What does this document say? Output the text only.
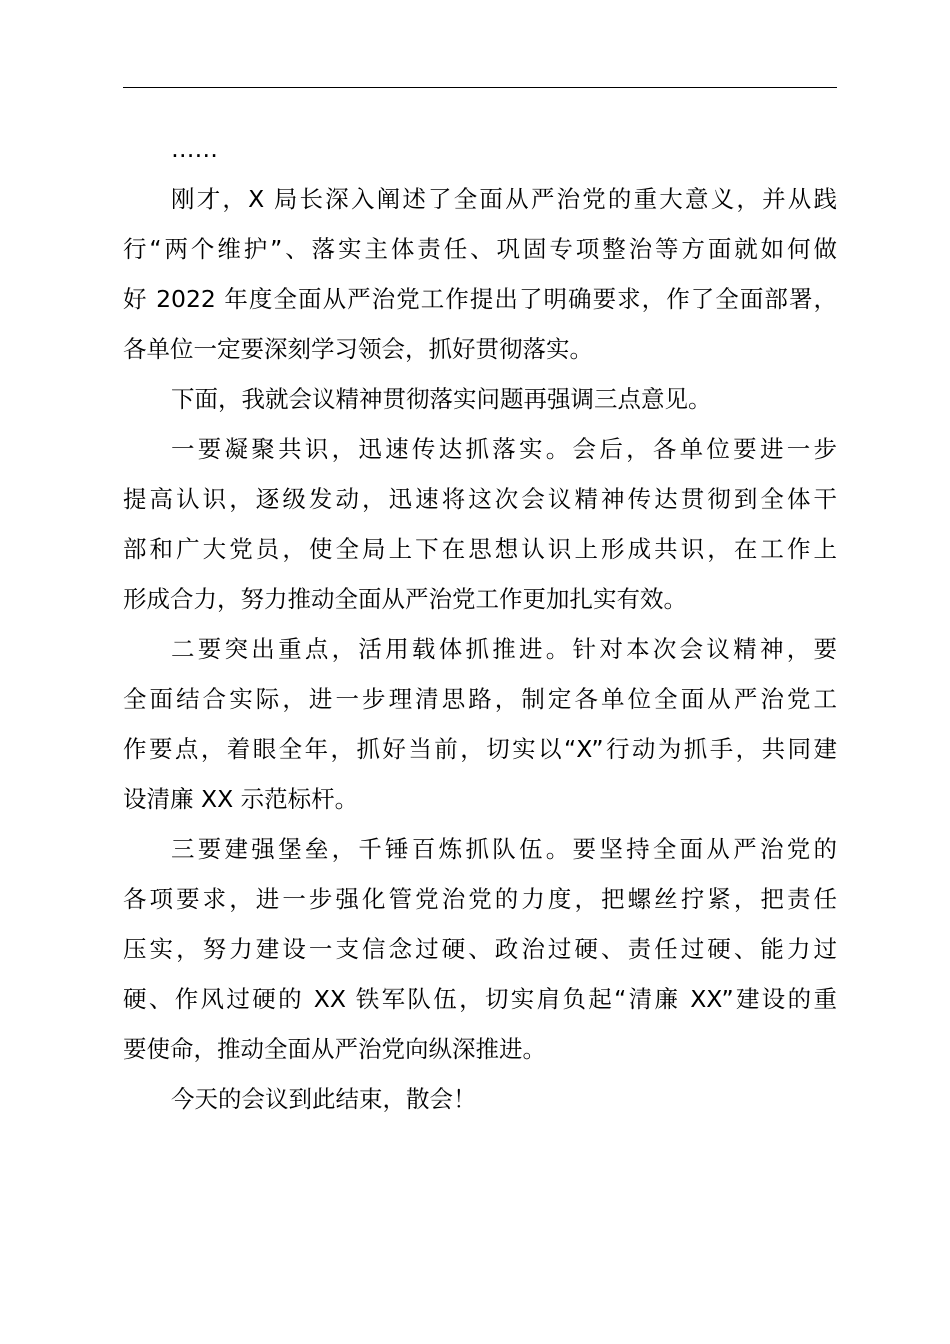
……
刚才，X 局长深入阐述了全面从严治党的重大意义，并从践
行“两个维护”、落实主体责任、巩固专项整治等方面就如何做
好 2022 年度全面从严治党工作提出了明确要求，作了全面部署，
各单位一定要深刻学习领会，抓好贯彻落实。
下面，我就会议精神贯彻落实问题再强调三点意见。
一要凝聚共识，迅速传达抓落实。会后，各单位要进一步
提高认识，逐级发动，迅速将这次会议精神传达贯彻到全体干
部和广大党员，使全局上下在思想认识上形成共识，在工作上
形成合力，努力推动全面从严治党工作更加扎实有效。
二要突出重点，活用载体抓推进。针对本次会议精神，要
全面结合实际，进一步理清思路，制定各单位全面从严治党工
作要点，着眼全年，抓好当前，切实以“X”行动为抓手，共同建
设清廉 XX 示范标杆。
三要建强堡垒，千锤百炼抓队伍。要坚持全面从严治党的
各项要求，进一步强化管党治党的力度，把螺丝拧紧，把责任
压实，努力建设一支信念过硬、政治过硬、责任过硬、能力过
硬、作风过硬的 XX 铁军队伍，切实肩负起“清廉 XX”建设的重
要使命，推动全面从严治党向纵深推进。
今天的会议到此结束，散会！
